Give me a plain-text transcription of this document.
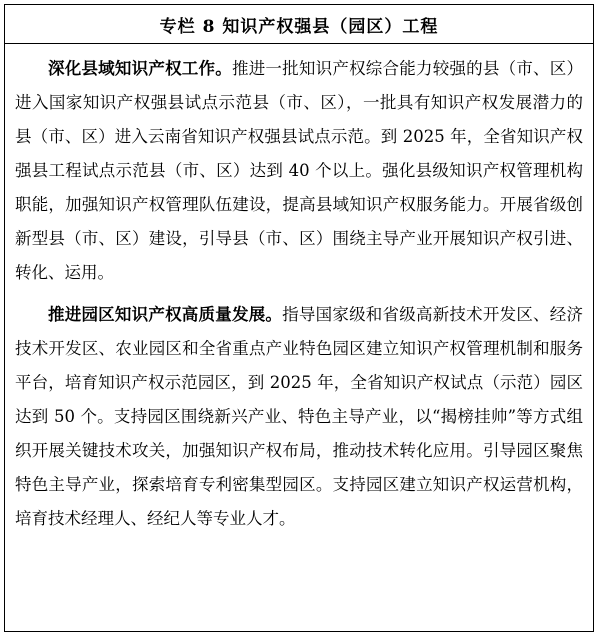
专栏 8 知识产权强县（园区）工程

深化县域知识产权工作。推进一批知识产权综合能力较强的县（市、区）进入国家知识产权强县试点示范县（市、区），一批具有知识产权发展潜力的县（市、区）进入云南省知识产权强县试点示范。到 2025 年，全省知识产权强县工程试点示范县（市、区）达到 40 个以上。强化县级知识产权管理机构职能，加强知识产权管理队伍建设，提高县域知识产权服务能力。开展省级创新型县（市、区）建设，引导县（市、区）围绕主导产业开展知识产权引进、转化、运用。

推进园区知识产权高质量发展。指导国家级和省级高新技术开发区、经济技术开发区、农业园区和全省重点产业特色园区建立知识产权管理机制和服务平台，培育知识产权示范园区，到 2025 年，全省知识产权试点（示范）园区达到 50 个。支持园区围绕新兴产业、特色主导产业，以“揭榜挂帅”等方式组织开展关键技术攻关，加强知识产权布局，推动技术转化应用。引导园区聚焦特色主导产业，探索培育专利密集型园区。支持园区建立知识产权运营机构，培育技术经理人、经纪人等专业人才。
